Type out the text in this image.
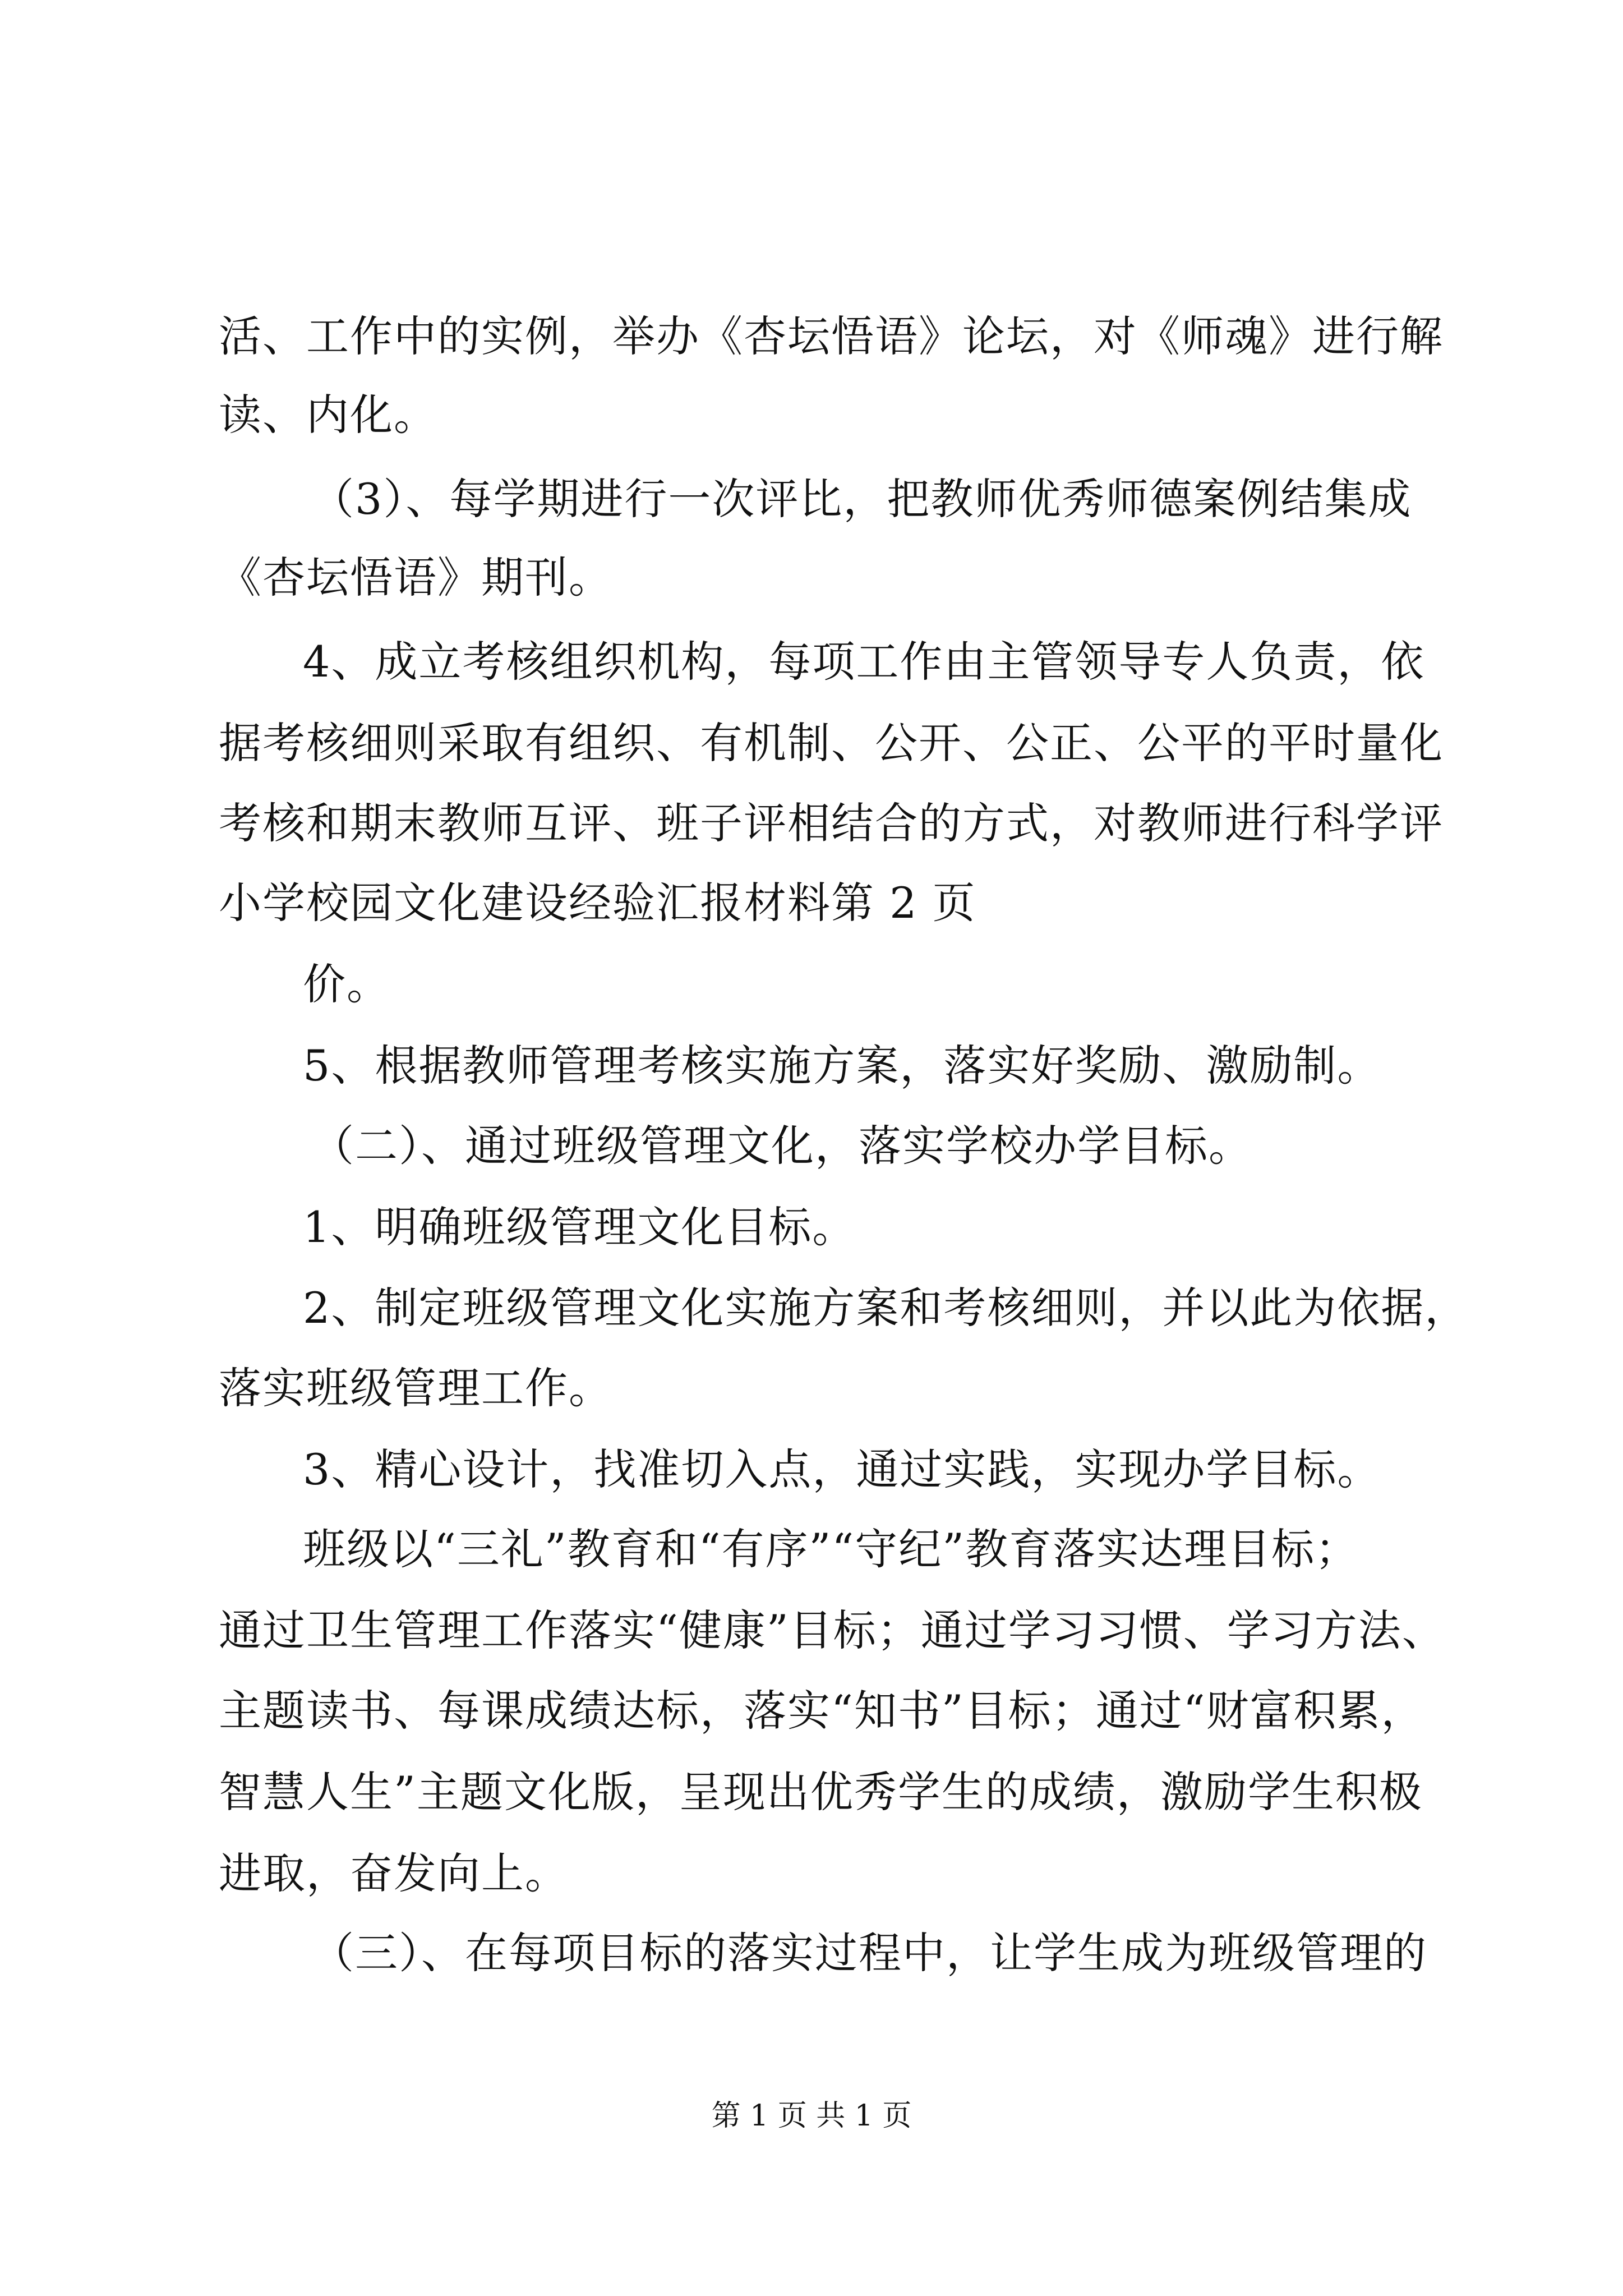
活、工作中的实例，举办《杏坛悟语》论坛，对《师魂》进行解
读、内化。
（3）、每学期进行一次评比，把教师优秀师德案例结集成
《杏坛悟语》期刊。
4、成立考核组织机构，每项工作由主管领导专人负责，依
据考核细则采取有组织、有机制、公开、公正、公平的平时量化
考核和期末教师互评、班子评相结合的方式，对教师进行科学评
小学校园文化建设经验汇报材料第 2 页
价。
5、根据教师管理考核实施方案，落实好奖励、激励制。
（二）、通过班级管理文化，落实学校办学目标。
1、明确班级管理文化目标。
2、制定班级管理文化实施方案和考核细则，并以此为依据，
落实班级管理工作。
3、精心设计，找准切入点，通过实践，实现办学目标。
班级以“三礼”教育和“有序”“守纪”教育落实达理目标；
通过卫生管理工作落实“健康”目标；通过学习习惯、学习方法、
主题读书、每课成绩达标，落实“知书”目标；通过“财富积累，
智慧人生”主题文化版，呈现出优秀学生的成绩，激励学生积极
进取，奋发向上。
（三）、在每项目标的落实过程中，让学生成为班级管理的
第 1 页 共 1 页
